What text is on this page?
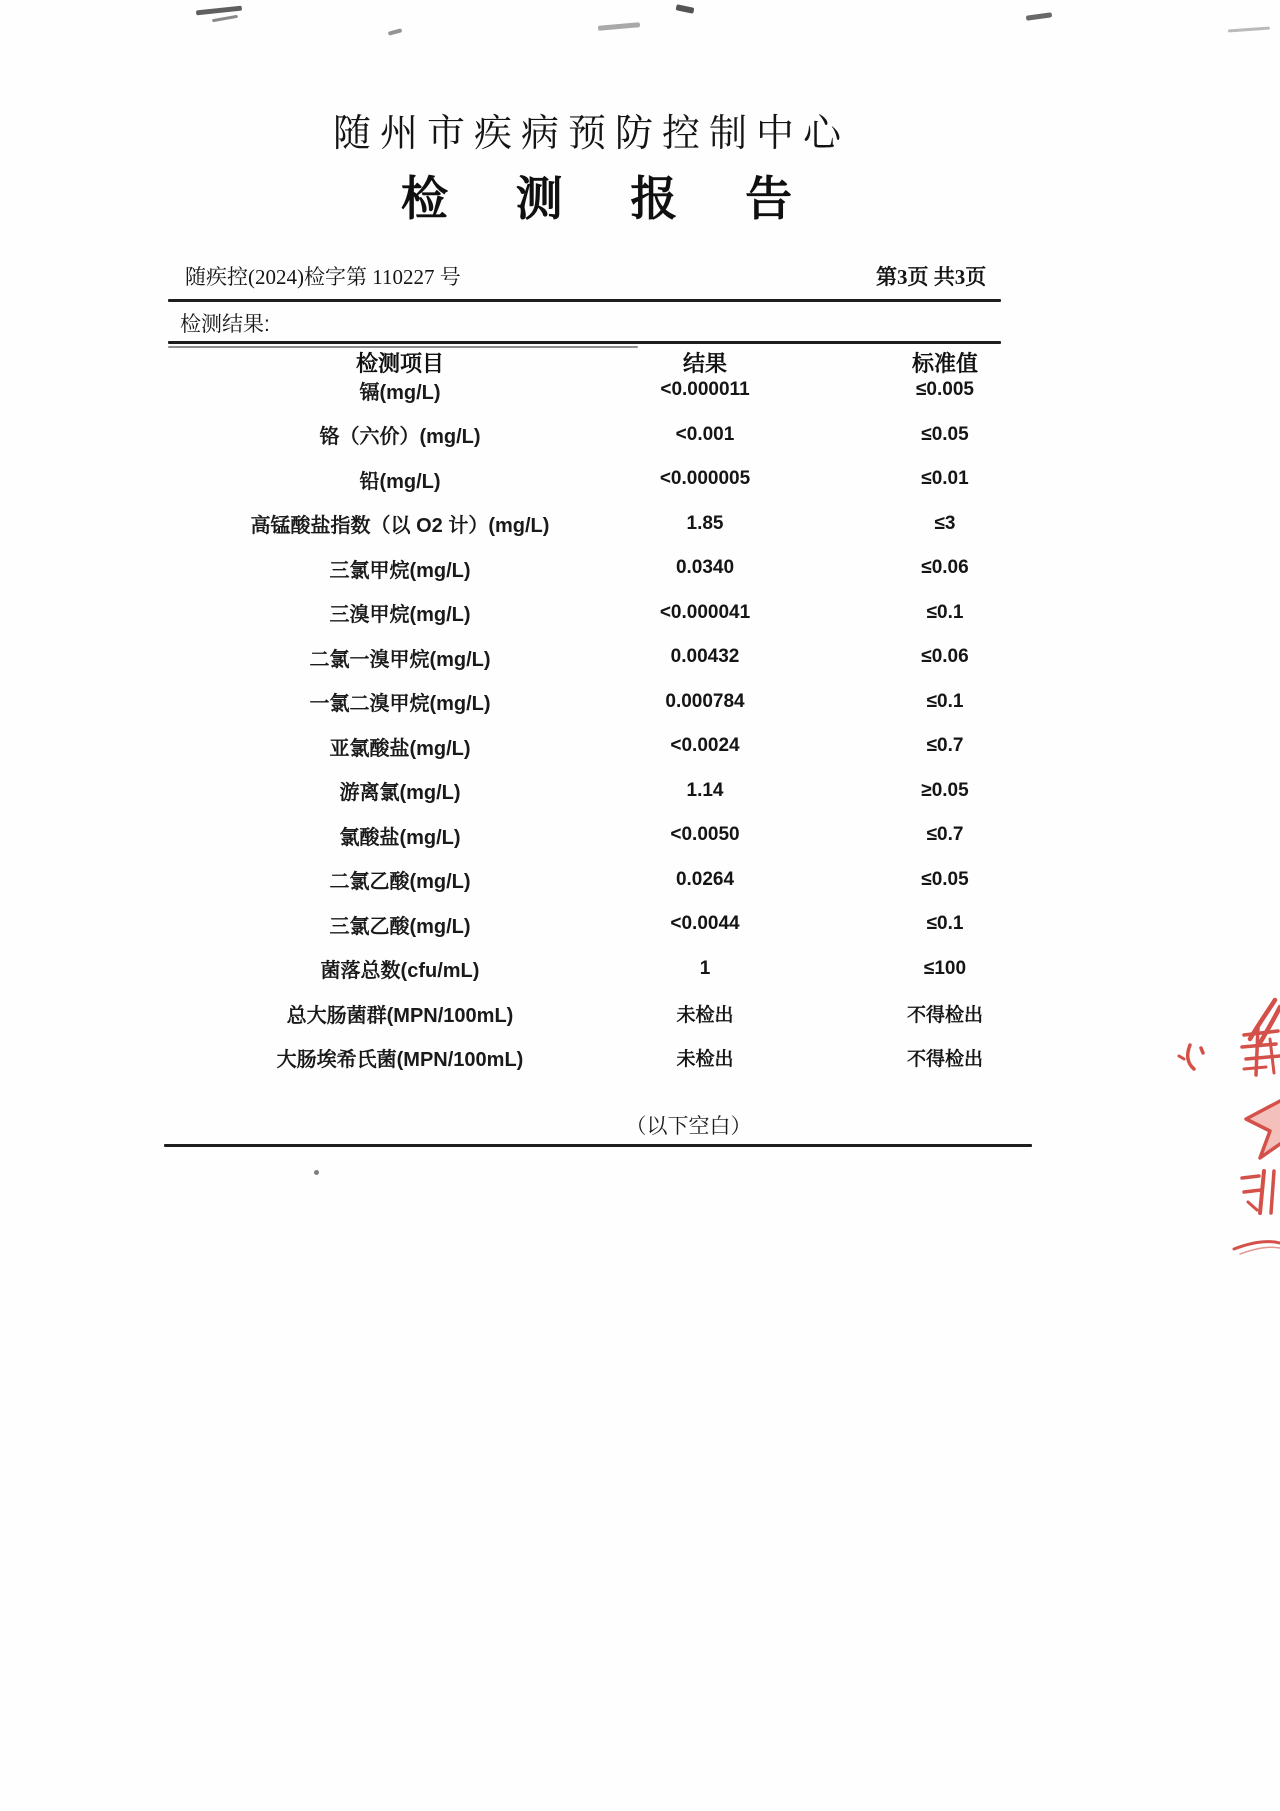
随州市疾病预防控制中心
检 测 报 告
随疾控(2024)检字第 110227 号	第3页 共3页
检测结果:
检测项目	结果	标准值
镉(mg/L)	<0.000011	≤0.005
铬（六价）(mg/L)	<0.001	≤0.05
铅(mg/L)	<0.000005	≤0.01
高锰酸盐指数（以 O2 计）(mg/L)	1.85	≤3
三氯甲烷(mg/L)	0.0340	≤0.06
三溴甲烷(mg/L)	<0.000041	≤0.1
二氯一溴甲烷(mg/L)	0.00432	≤0.06
一氯二溴甲烷(mg/L)	0.000784	≤0.1
亚氯酸盐(mg/L)	<0.0024	≤0.7
游离氯(mg/L)	1.14	≥0.05
氯酸盐(mg/L)	<0.0050	≤0.7
二氯乙酸(mg/L)	0.0264	≤0.05
三氯乙酸(mg/L)	<0.0044	≤0.1
菌落总数(cfu/mL)	1	≤100
总大肠菌群(MPN/100mL)	未检出	不得检出
大肠埃希氏菌(MPN/100mL)	未检出	不得检出
（以下空白）
